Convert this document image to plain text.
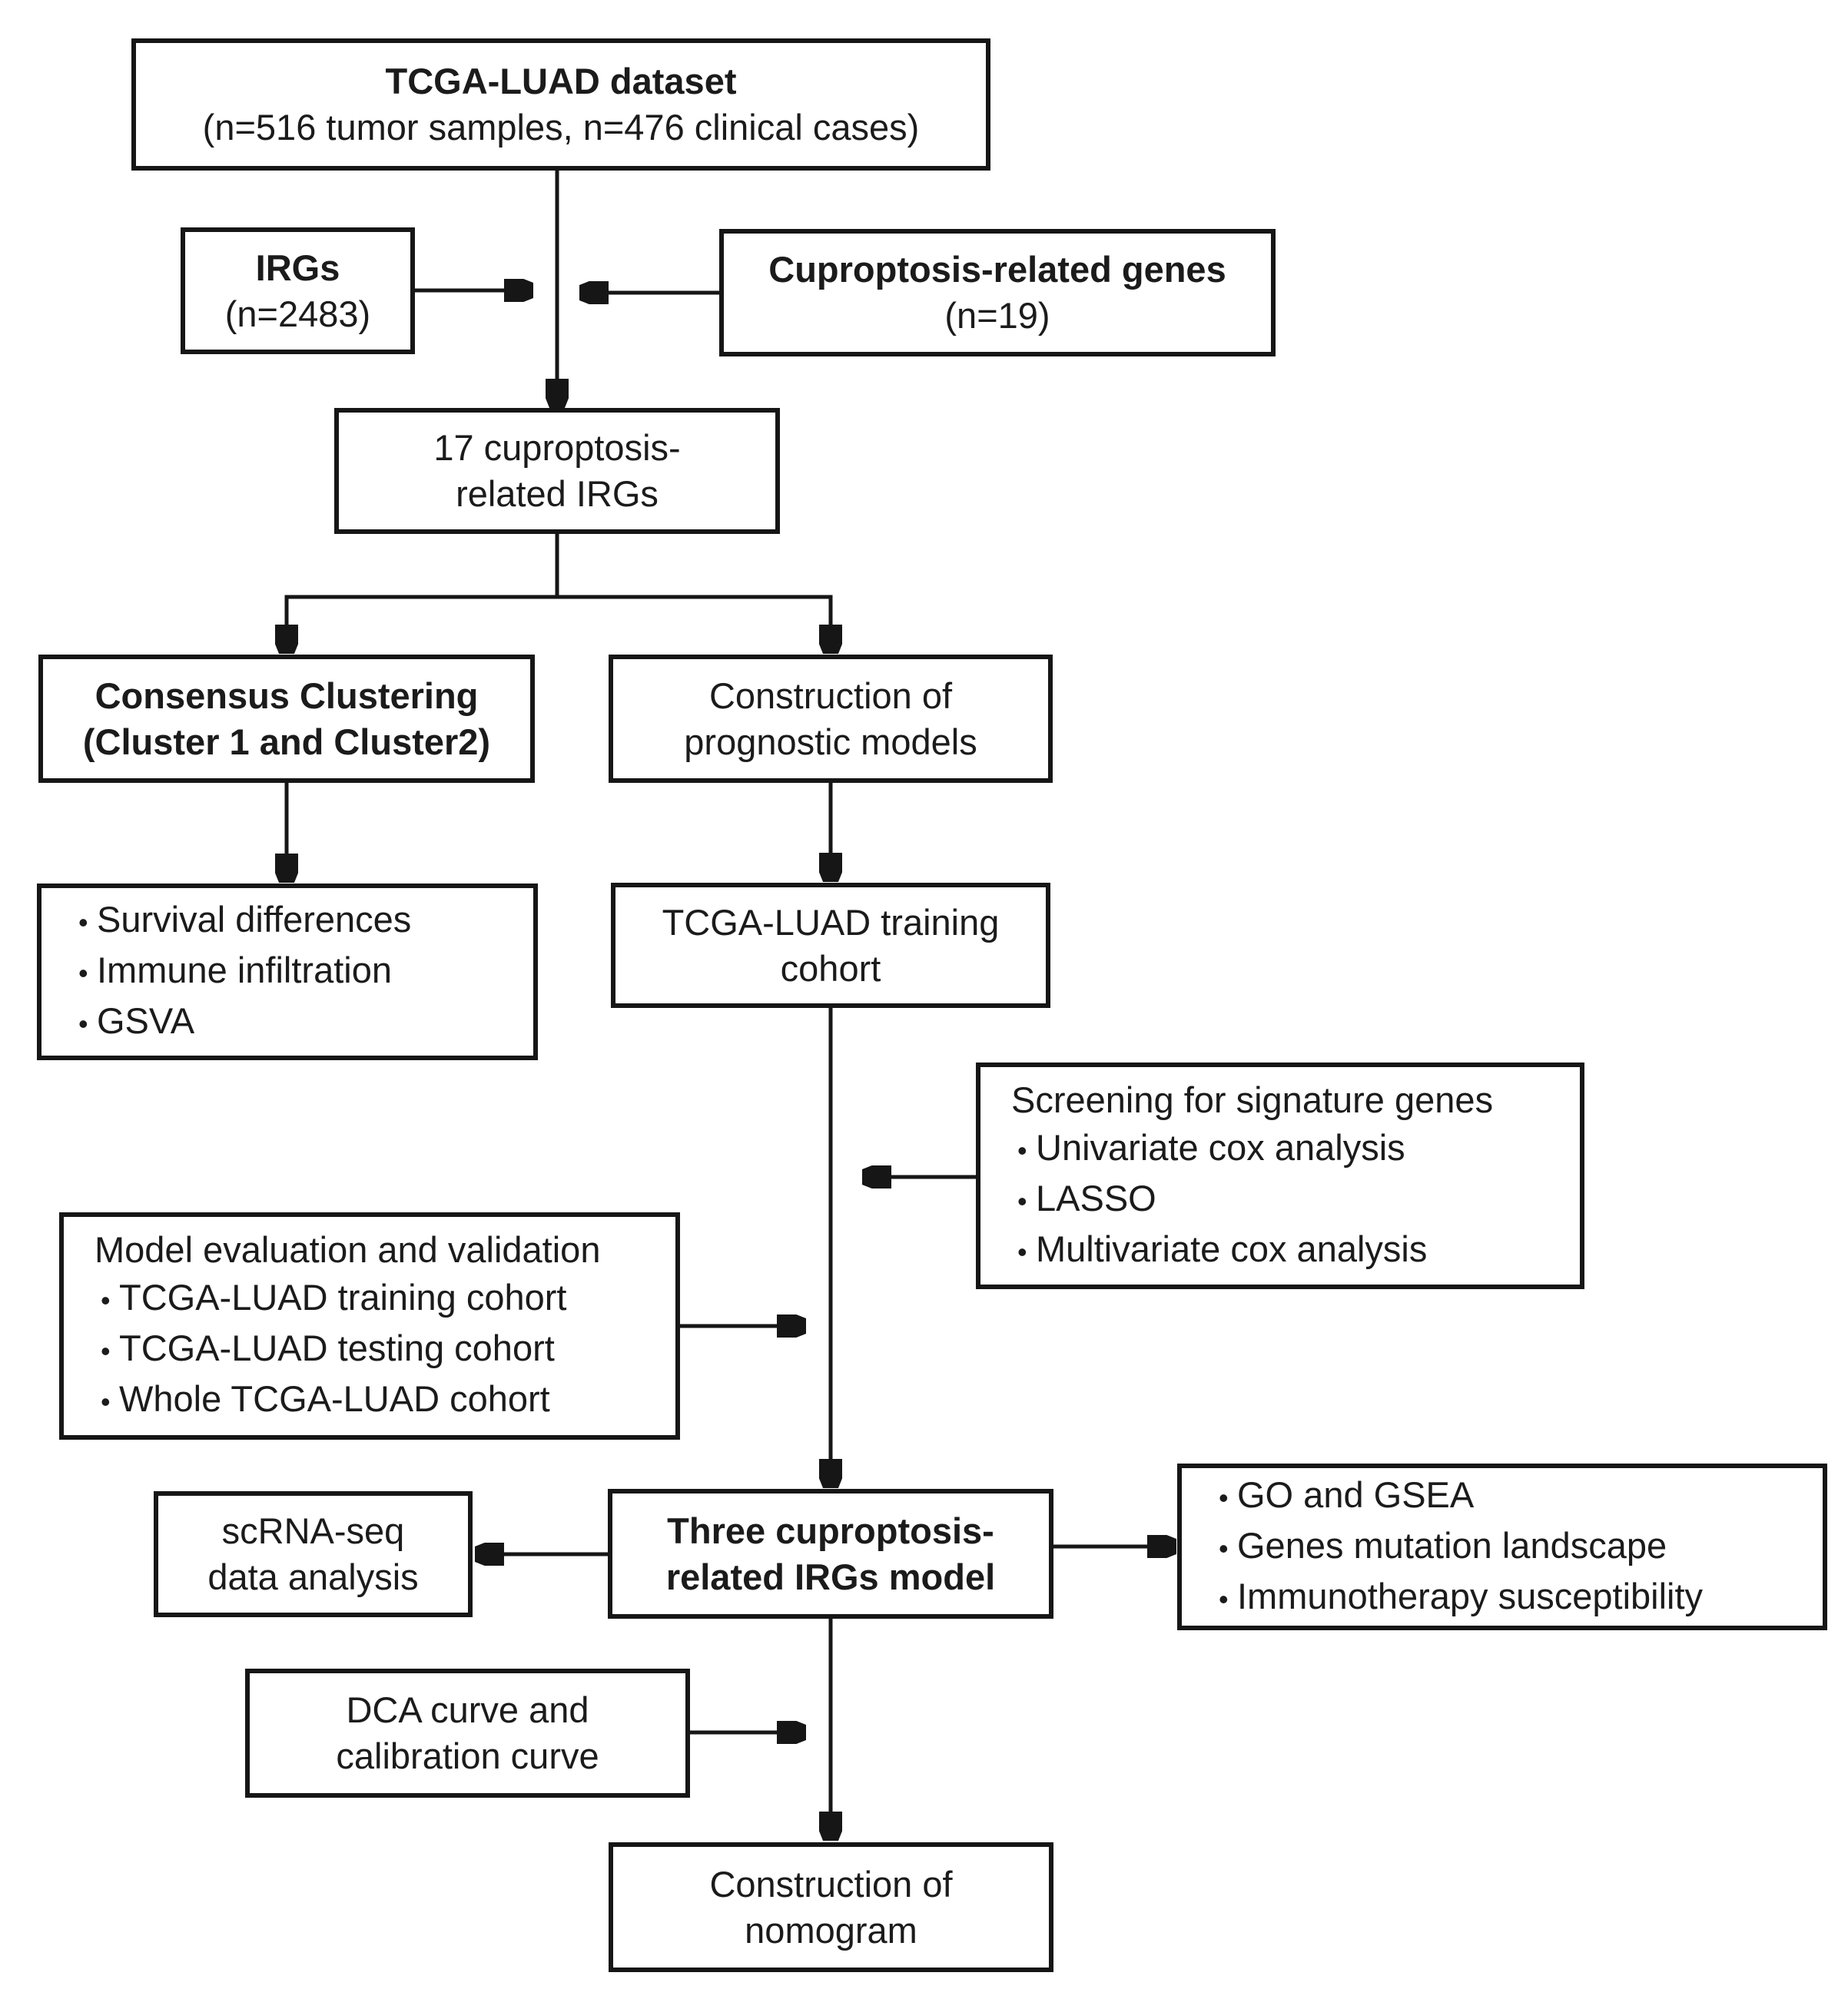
TCGA-LUAD dataset
(n=516 tumor samples, n=476 clinical cases)
IRGs
(n=2483)
Cuproptosis-related genes
(n=19)
17 cuproptosis-
related IRGs
Consensus Clustering
(Cluster 1 and Cluster2)
Construction of
prognostic models
• Survival differences
• Immune infiltration
• GSVA
TCGA-LUAD training
cohort
Screening for signature genes
• Univariate cox analysis
• LASSO
• Multivariate cox analysis
Model evaluation and validation
• TCGA-LUAD training cohort
• TCGA-LUAD testing cohort
• Whole TCGA-LUAD cohort
scRNA-seq
data analysis
Three cuproptosis-
related IRGs model
• GO and GSEA
• Genes mutation landscape
• Immunotherapy susceptibility
DCA curve and
calibration curve
Construction of
nomogram
